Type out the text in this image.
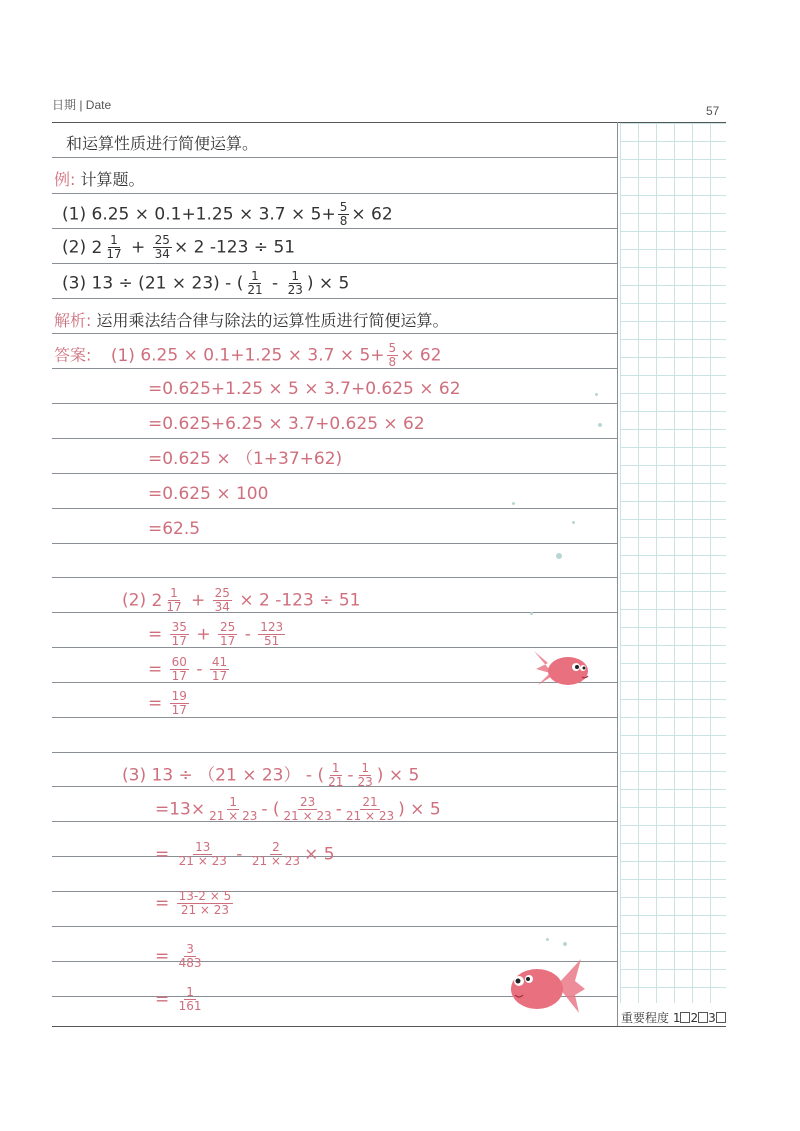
日期 | Date	57
和运算性质进行简便运算。
例: 计算题。
(1) $6.25 \times 0.1+1.25 \times 3.7 \times 5+ \frac{5}{8} \times 62$
(2) $2 \frac{1}{17} + \frac{25}{34} \times 2$ -123 ÷ 51
(3) 13 ÷ (21 × 23) - ( $\frac{1}{21} - \frac{1}{23}$ ) × 5
解析: 运用乘法结合律与除法的运算性质进行简便运算。
答案: (1) $6.25 \times 0.1+1.25 \times 3.7 \times 5+ \frac{5}{8} \times 62$
=0.625+1.25 × 5 × 3.7+0.625 × 62
=0.625+6.25 × 3.7+0.625 × 62
=0.625 × （1+37+62)
=0.625 × 100
=62.5
(2) $2 \frac{1}{17} + \frac{25}{34} \times 2$ -123 ÷ 51
= $\frac{35}{17} + \frac{25}{17} - \frac{123}{51}$
= $\frac{60}{17} - \frac{41}{17}$
= $\frac{19}{17}$
(3) 13 ÷ （21 × 23） - ( $\frac{1}{21} - \frac{1}{23}$ ) × 5
$=13\times \frac{1}{21 \times 23}$ - ( $\frac{23}{21 \times 23} - \frac{21}{21 \times 23}$ ) × 5
= $\frac{13}{21 \times 23} - \frac{2}{21 \times 23} \times 5$
= $\frac{13-2 \times 5}{21 \times 23}$
= $\frac{3}{483}$
= $\frac{1}{161}$
重要程度 1 2 3
